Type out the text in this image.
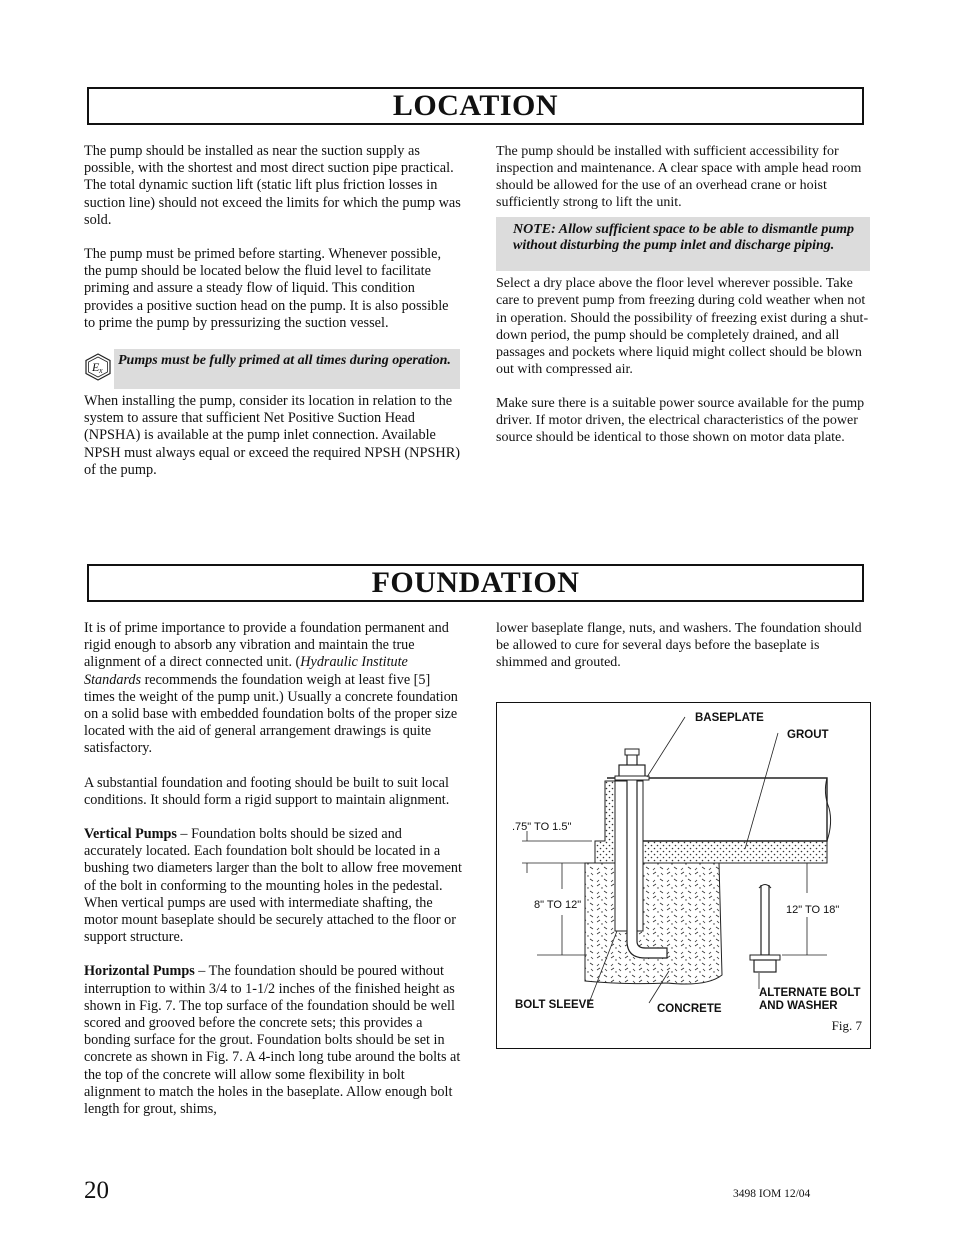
LOCATION

The pump should be installed as near the suction supply as possible, with the shortest and most direct suction pipe practical. The total dynamic suction lift (static lift plus friction losses in suction line) should not exceed the limits for which the pump was sold.

The pump must be primed before starting. Whenever possible, the pump should be located below the fluid level to facilitate priming and assure a steady flow of liquid. This condition provides a positive suction head on the pump. It is also possible to prime the pump by pressurizing the suction vessel.

E x
Pumps must be fully primed at all times during operation.

When installing the pump, consider its location in relation to the system to assure that sufficient Net Positive Suction Head (NPSHA) is available at the pump inlet connection. Available NPSH must always equal or exceed the required NPSH (NPSHR) of the pump.

The pump should be installed with sufficient accessibility for inspection and maintenance. A clear space with ample head room should be allowed for the use of an overhead crane or hoist sufficiently strong to lift the unit.

NOTE: Allow sufficient space to be able to dismantle pump without disturbing the pump inlet and discharge piping.

Select a dry place above the floor level wherever possible. Take care to prevent pump from freezing during cold weather when not in operation. Should the possibility of freezing exist during a shut-down period, the pump should be completely drained, and all passages and pockets where liquid might collect should be blown out with compressed air.

Make sure there is a suitable power source available for the pump driver. If motor driven, the electrical characteristics of the power source should be identical to those shown on motor data plate.

FOUNDATION

It is of prime importance to provide a foundation permanent and rigid enough to absorb any vibration and maintain the true alignment of a direct connected unit. (Hydraulic Institute Standards recommends the foundation weigh at least five [5] times the weight of the pump unit.) Usually a concrete foundation on a solid base with embedded foundation bolts of the proper size located with the aid of general arrangement drawings is quite satisfactory.

A substantial foundation and footing should be built to suit local conditions. It should form a rigid support to maintain alignment.

Vertical Pumps – Foundation bolts should be sized and accurately located. Each foundation bolt should be located in a bushing two diameters larger than the bolt to allow free movement of the bolt in conforming to the mounting holes in the pedestal. When vertical pumps are used with intermediate shafting, the motor mount baseplate should be securely attached to the floor or support structure.

Horizontal Pumps – The foundation should be poured without interruption to within 3/4 to 1-1/2 inches of the finished height as shown in Fig. 7. The top surface of the foundation should be well scored and grooved before the concrete sets; this provides a bonding surface for the grout. Foundation bolts should be set in concrete as shown in Fig. 7. A 4-inch long tube around the bolts at the top of the concrete will allow some flexibility in bolt alignment to match the holes in the baseplate. Allow enough bolt length for grout, shims,

lower baseplate flange, nuts, and washers. The foundation should be allowed to cure for several days before the baseplate is shimmed and grouted.

BASEPLATE
GROUT
.75" TO 1.5"
8" TO 12"	12" TO 18"
BOLT SLEEVE	CONCRETE
ALTERNATE BOLT
AND WASHER
Fig. 7
20	3498 IOM 12/04
